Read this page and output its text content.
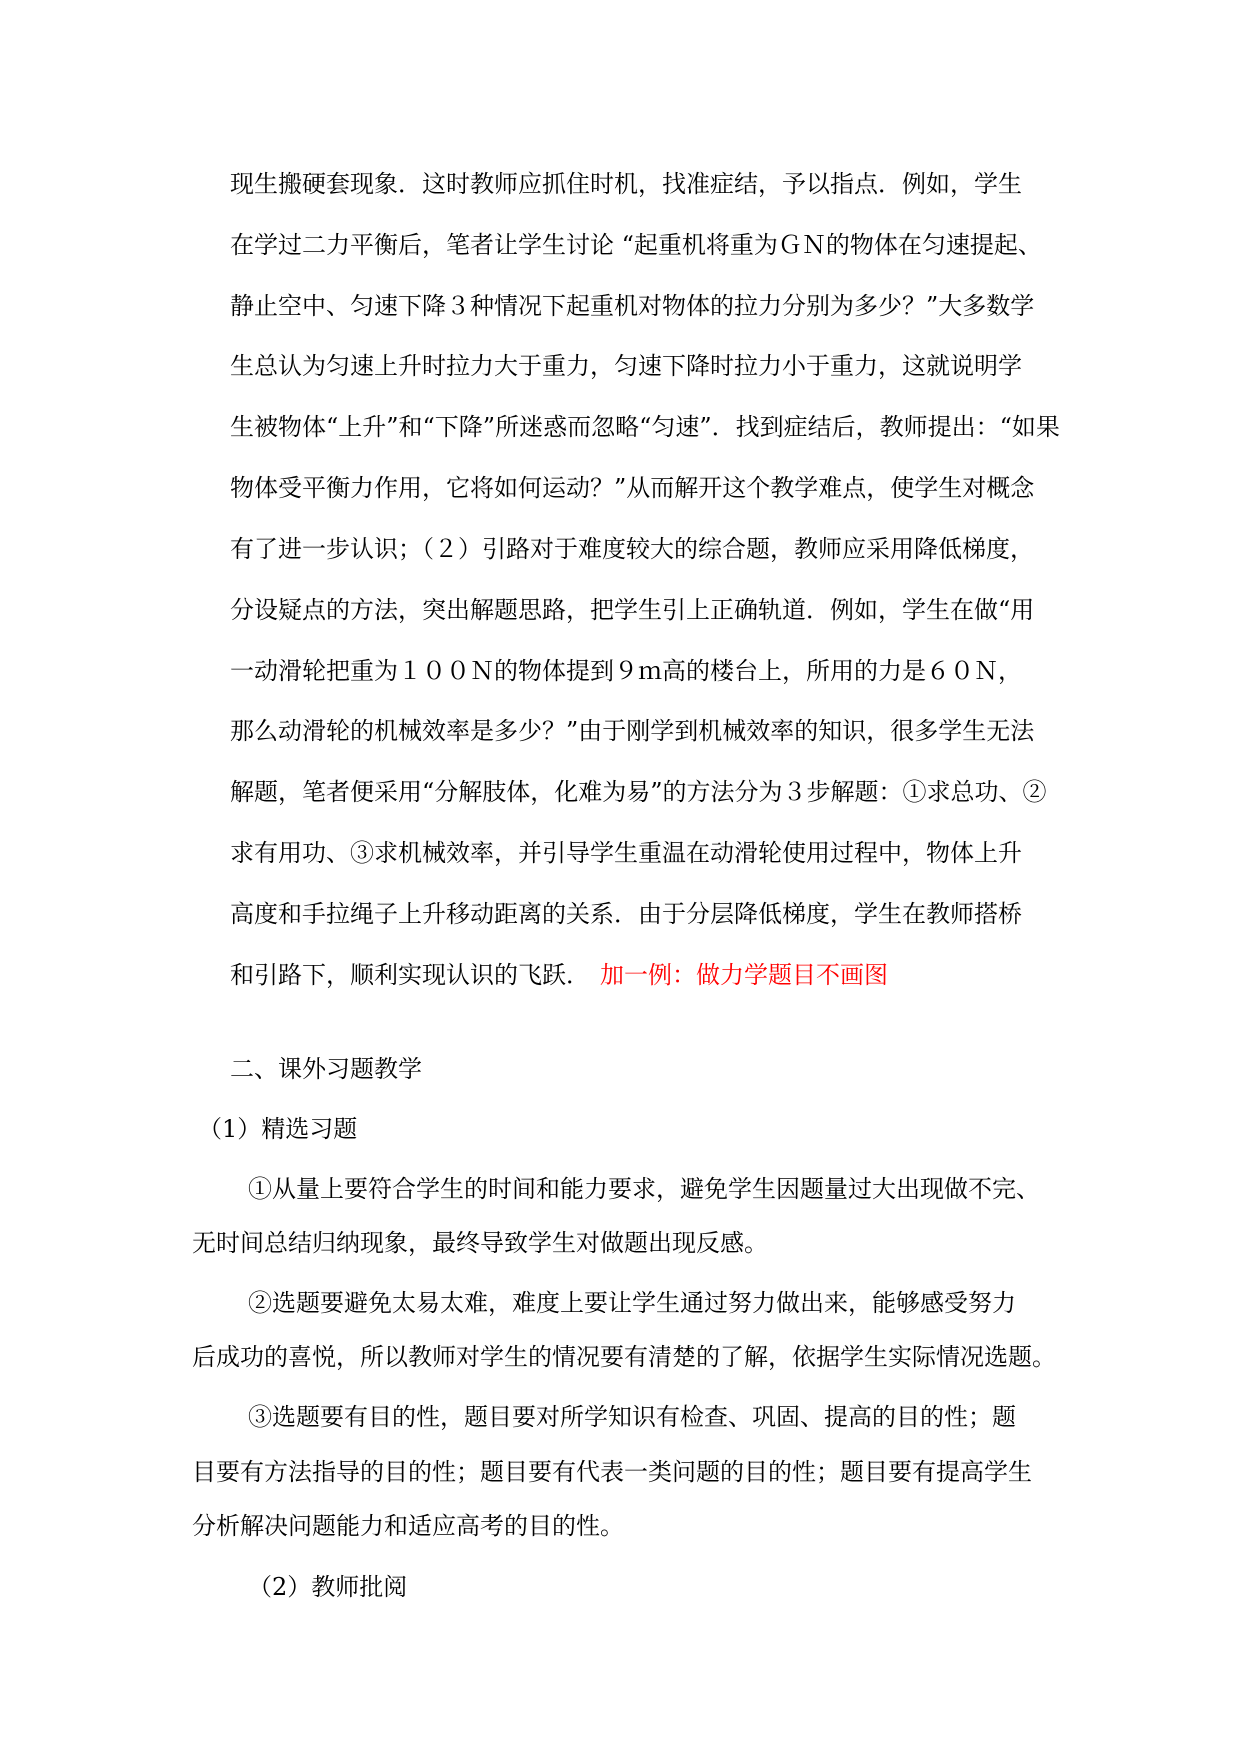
现生搬硬套现象．这时教师应抓住时机，找准症结，予以指点．例如，学生
在学过二力平衡后，笔者让学生讨论 “起重机将重为ＧＮ的物体在匀速提起、
静止空中、匀速下降３种情况下起重机对物体的拉力分别为多少？”大多数学
生总认为匀速上升时拉力大于重力，匀速下降时拉力小于重力，这就说明学
生被物体“上升”和“下降”所迷惑而忽略“匀速”．找到症结后，教师提出：“如果
物体受平衡力作用，它将如何运动？”从而解开这个教学难点，使学生对概念
有了进一步认识；（２）引路对于难度较大的综合题，教师应采用降低梯度，
分设疑点的方法，突出解题思路，把学生引上正确轨道．例如，学生在做“用
一动滑轮把重为１００Ｎ的物体提到９ｍ高的楼台上，所用的力是６０Ｎ，
那么动滑轮的机械效率是多少？”由于刚学到机械效率的知识，很多学生无法
解题，笔者便采用“分解肢体，化难为易”的方法分为３步解题：①求总功、②
求有用功、③求机械效率，并引导学生重温在动滑轮使用过程中，物体上升
高度和手拉绳子上升移动距离的关系．由于分层降低梯度，学生在教师搭桥
和引路下，顺利实现认识的飞跃． 加一例：做力学题目不画图
二、课外习题教学
（1）精选习题
①从量上要符合学生的时间和能力要求，避免学生因题量过大出现做不完、
无时间总结归纳现象，最终导致学生对做题出现反感。
②选题要避免太易太难，难度上要让学生通过努力做出来，能够感受努力
后成功的喜悦，所以教师对学生的情况要有清楚的了解，依据学生实际情况选题。
③选题要有目的性，题目要对所学知识有检查、巩固、提高的目的性；题
目要有方法指导的目的性；题目要有代表一类问题的目的性；题目要有提高学生
分析解决问题能力和适应高考的目的性。
（2）教师批阅
